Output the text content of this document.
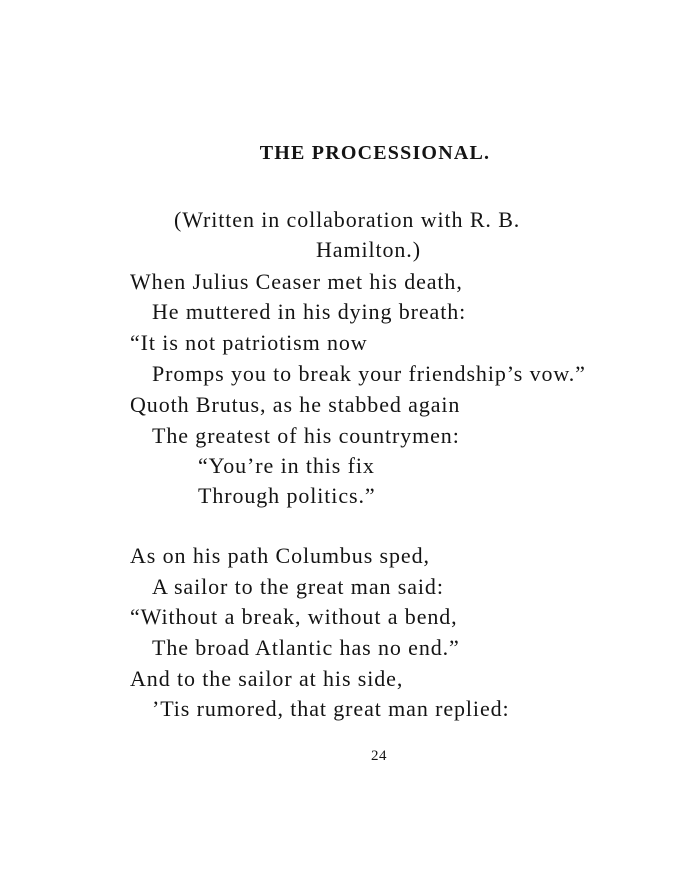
THE PROCESSIONAL.

(Written in collaboration with R. B.

Hamilton.)

When Julius Ceaser met his death,

He muttered in his dying breath:

“It is not patriotism now

Promps you to break your friendship’s vow.”

Quoth Brutus, as he stabbed again

The greatest of his countrymen:

“You’re in this fix

Through politics.”

As on his path Columbus sped,

A sailor to the great man said:

“Without a break, without a bend,

The broad Atlantic has no end.”

And to the sailor at his side,

’Tis rumored, that great man replied:

24
